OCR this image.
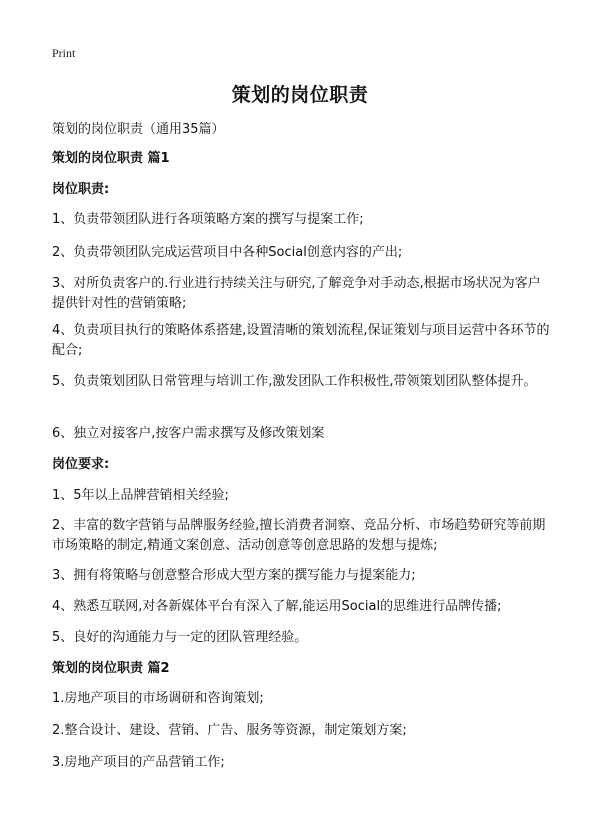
Print
策划的岗位职责
策划的岗位职责（通用35篇）
策划的岗位职责 篇1
岗位职责:
1、负责带领团队进行各项策略方案的撰写与提案工作;
2、负责带领团队完成运营项目中各种Social创意内容的产出;
3、对所负责客户的.行业进行持续关注与研究,了解竞争对手动态,根据市场状况为客户提供针对性的营销策略;
4、负责项目执行的策略体系搭建,设置清晰的策划流程,保证策划与项目运营中各环节的配合;
5、负责策划团队日常管理与培训工作,激发团队工作积极性,带领策划团队整体提升。
6、独立对接客户,按客户需求撰写及修改策划案
岗位要求:
1、5年以上品牌营销相关经验;
2、丰富的数字营销与品牌服务经验,擅长消费者洞察、竞品分析、市场趋势研究等前期市场策略的制定,精通文案创意、活动创意等创意思路的发想与提炼;
3、拥有将策略与创意整合形成大型方案的撰写能力与提案能力;
4、熟悉互联网,对各新媒体平台有深入了解,能运用Social的思维进行品牌传播;
5、良好的沟通能力与一定的团队管理经验。
策划的岗位职责 篇2
1.房地产项目的市场调研和咨询策划;
2.整合设计、建设、营销、广告、服务等资源，制定策划方案;
3.房地产项目的产品营销工作;
